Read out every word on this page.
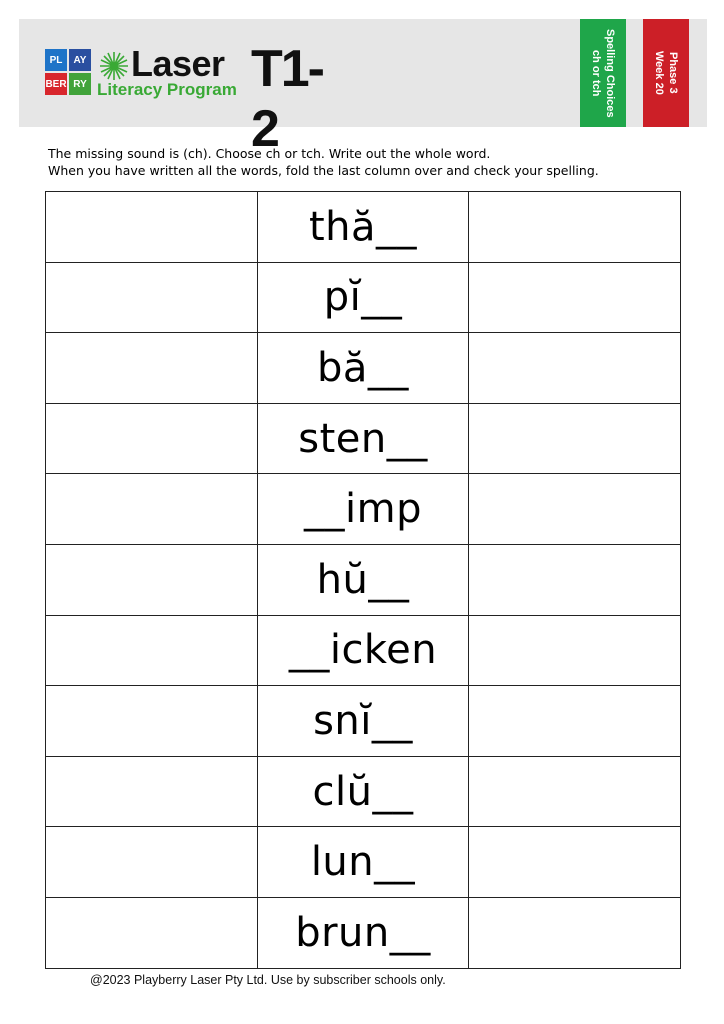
PL	AY
BER RY Laser
Literacy Program T1-2
Spelling Choices
ch or tch	Phase 3
Week 20
The missing sound is (ch). Choose ch or tch. Write out the whole word.
When you have written all the words, fold the last column over and check your spelling.
	thă__	
	pĭ__	
	bă__	
	sten__	
	__imp	
	hŭ__	
	__icken	
	snĭ__	
	clŭ__	
	lun__	
	brun__	
@2023 Playberry Laser Pty Ltd. Use by subscriber schools only.
